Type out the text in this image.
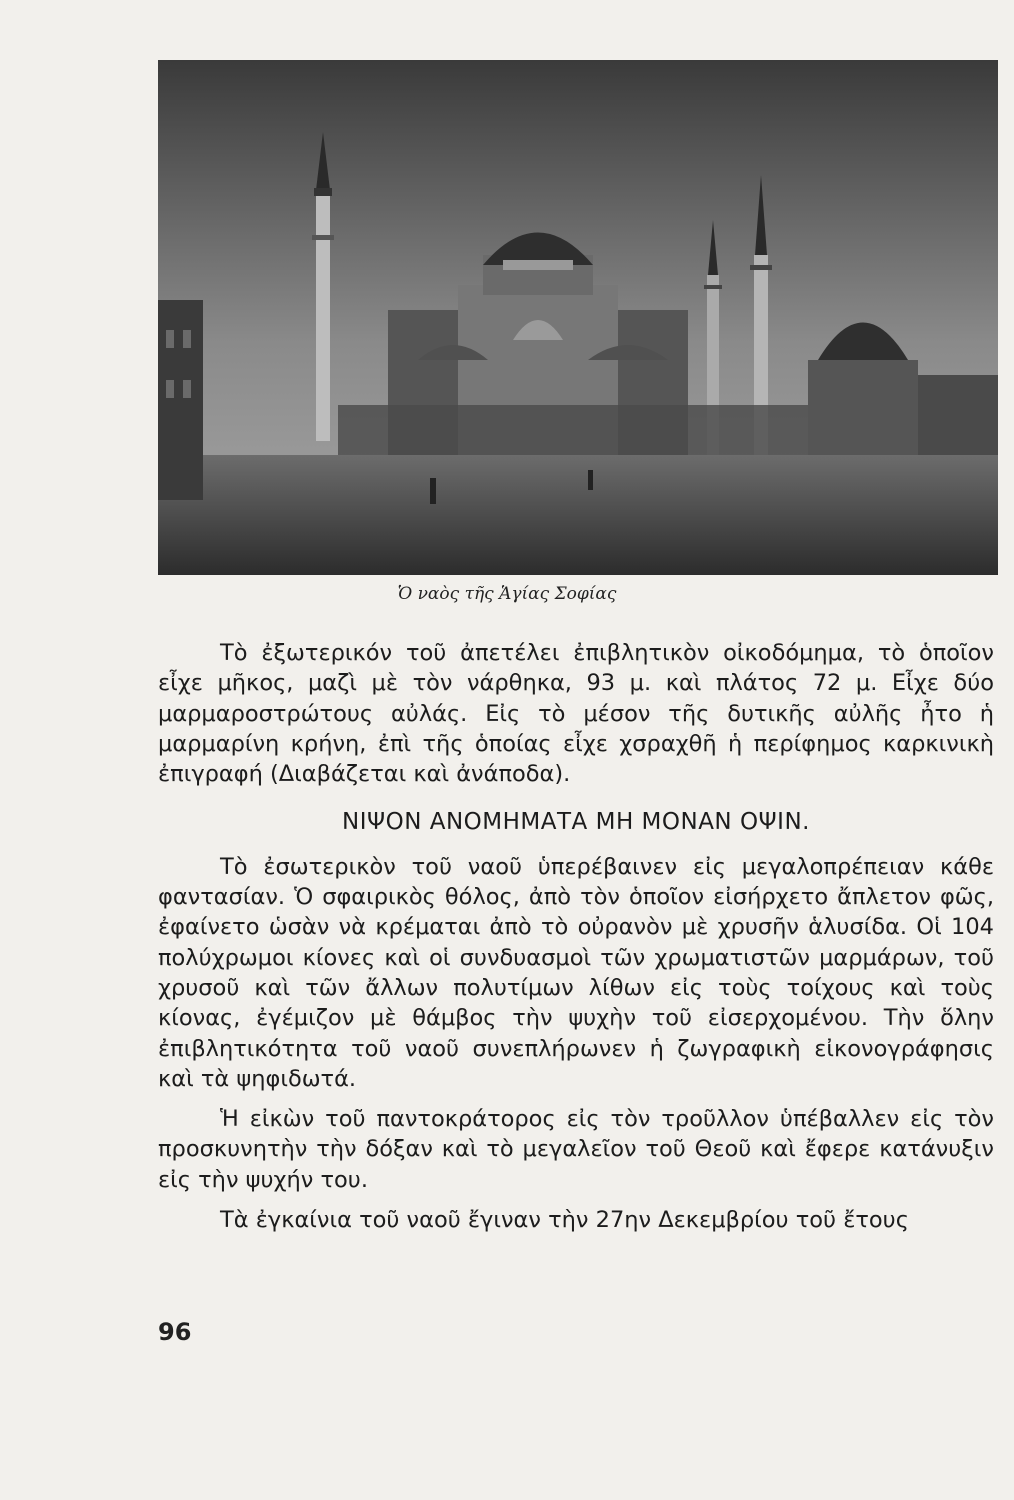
Ὁ ναὸς τῆς Ἁγίας Σοφίας

Τὸ ἐξωτερικόν τοῦ ἀπετέλει ἐπιβλητικὸν οἰκοδόμημα, τὸ ὁποῖον εἶχε μῆκος, μαζὶ μὲ τὸν νάρθηκα, 93 μ. καὶ πλάτος 72 μ. Εἶχε δύο μαρμαροστρώτους αὐλάς. Εἰς τὸ μέσον τῆς δυτικῆς αὐλῆς ἦτο ἡ μαρμαρίνη κρήνη, ἐπὶ τῆς ὁποίας εἶχε χσραχθῆ ἡ περίφημος καρκινικὴ ἐπιγραφή (Διαβάζεται καὶ ἀνάποδα).

ΝΙΨΟΝ ΑΝΟΜΗΜΑΤΑ ΜΗ ΜΟΝΑΝ ΟΨΙΝ.

Τὸ ἐσωτερικὸν τοῦ ναοῦ ὑπερέβαινεν εἰς μεγαλοπρέπειαν κάθε φαντασίαν. Ὁ σφαιρικὸς θόλος, ἀπὸ τὸν ὁποῖον εἰσήρχετο ἄπλετον φῶς, ἐφαίνετο ὡσὰν νὰ κρέμαται ἀπὸ τὸ οὐρανὸν μὲ χρυσῆν ἁλυσίδα. Οἱ 104 πολύχρωμοι κίονες καὶ οἱ συνδυασμοὶ τῶν χρωματιστῶν μαρμάρων, τοῦ χρυσοῦ καὶ τῶν ἄλλων πολυτίμων λίθων εἰς τοὺς τοίχους καὶ τοὺς κίονας, ἐγέμιζον μὲ θάμβος τὴν ψυχὴν τοῦ εἰσερχομένου. Τὴν ὅλην ἐπιβλητικότητα τοῦ ναοῦ συνεπλήρωνεν ἡ ζωγραφικὴ εἰκονογράφησις καὶ τὰ ψηφιδωτά.

Ἡ εἰκὼν τοῦ παντοκράτορος εἰς τὸν τροῦλλον ὑπέβαλλεν εἰς τὸν προσκυνητὴν τὴν δόξαν καὶ τὸ μεγαλεῖον τοῦ Θεοῦ καὶ ἔφερε κατάνυξιν εἰς τὴν ψυχήν του.

Τὰ ἐγκαίνια τοῦ ναοῦ ἔγιναν τὴν 27ην Δεκεμβρίου τοῦ ἔτους

96
